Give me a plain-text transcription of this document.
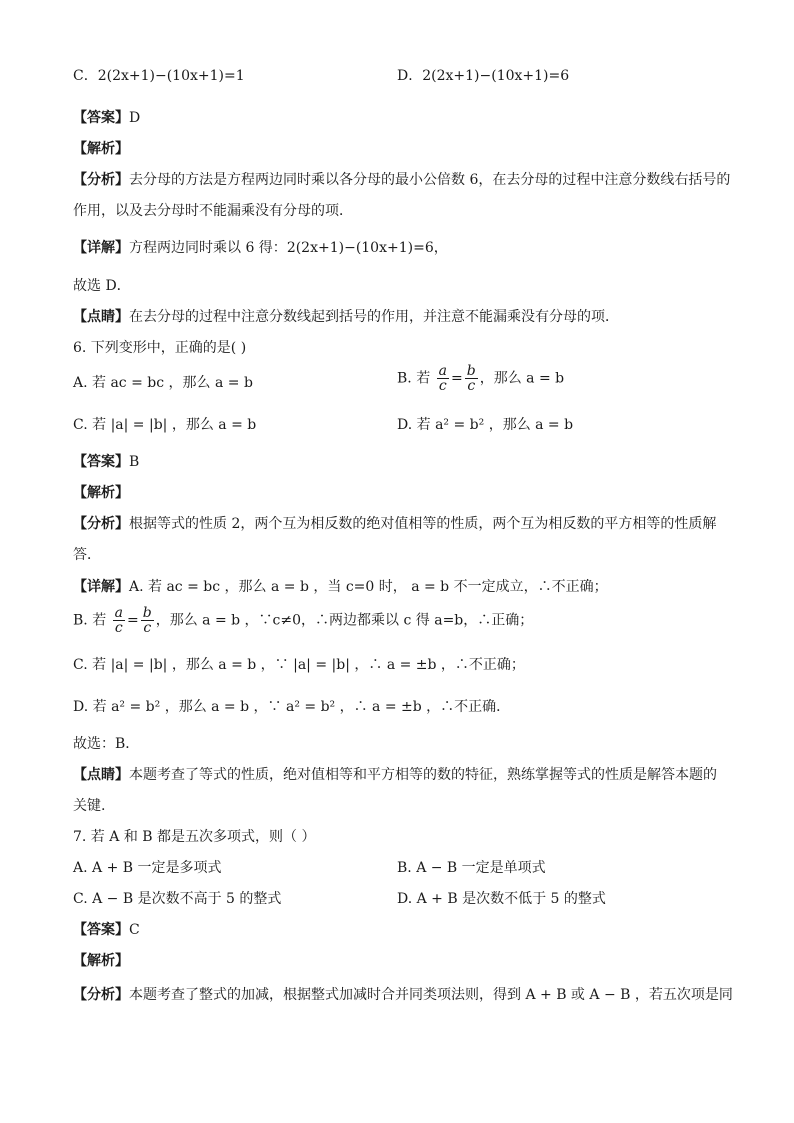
C．2(2x+1)−(10x+1)=1	D．2(2x+1)−(10x+1)=6
【答案】D
【解析】
【分析】去分母的方法是方程两边同时乘以各分母的最小公倍数 6，在去分母的过程中注意分数线右括号的
作用，以及去分母时不能漏乘没有分母的项．
【详解】方程两边同时乘以 6 得：2(2x+1)−(10x+1)=6，
故选 D．
【点睛】在去分母的过程中注意分数线起到括号的作用，并注意不能漏乘没有分母的项．
6. 下列变形中，正确的是( )
A. 若 ac = bc ，那么 a = b	B. 若 $\frac{a}{c} = \frac{b}{c}$ ，那么 a = b
C. 若 |a| = |b| ，那么 a = b	D. 若 a² = b² ，那么 a = b
【答案】B
【解析】
【分析】根据等式的性质 2，两个互为相反数的绝对值相等的性质，两个互为相反数的平方相等的性质解
答．
【详解】A. 若 ac = bc ，那么 a = b ，当 c=0 时， a = b 不一定成立，∴不正确；
B. 若 $\frac{a}{c} = \frac{b}{c}$ ，那么 a = b ，∵c≠0，∴两边都乘以 c 得 a=b，∴正确；
C. 若 |a| = |b| ，那么 a = b ，∵ |a| = |b| ，∴ a = ±b ，∴不正确；
D. 若 a² = b² ，那么 a = b ，∵ a² = b² ，∴ a = ±b ，∴不正确．
故选：B．
【点睛】本题考查了等式的性质，绝对值相等和平方相等的数的特征，熟练掌握等式的性质是解答本题的
关键.
7. 若 A 和 B 都是五次多项式，则（ ）
A. A + B 一定是多项式	B. A − B 一定是单项式
C. A − B 是次数不高于 5 的整式	D. A + B 是次数不低于 5 的整式
【答案】C
【解析】
【分析】本题考查了整式的加减，根据整式加减时合并同类项法则，得到 A + B 或 A − B ，若五次项是同
